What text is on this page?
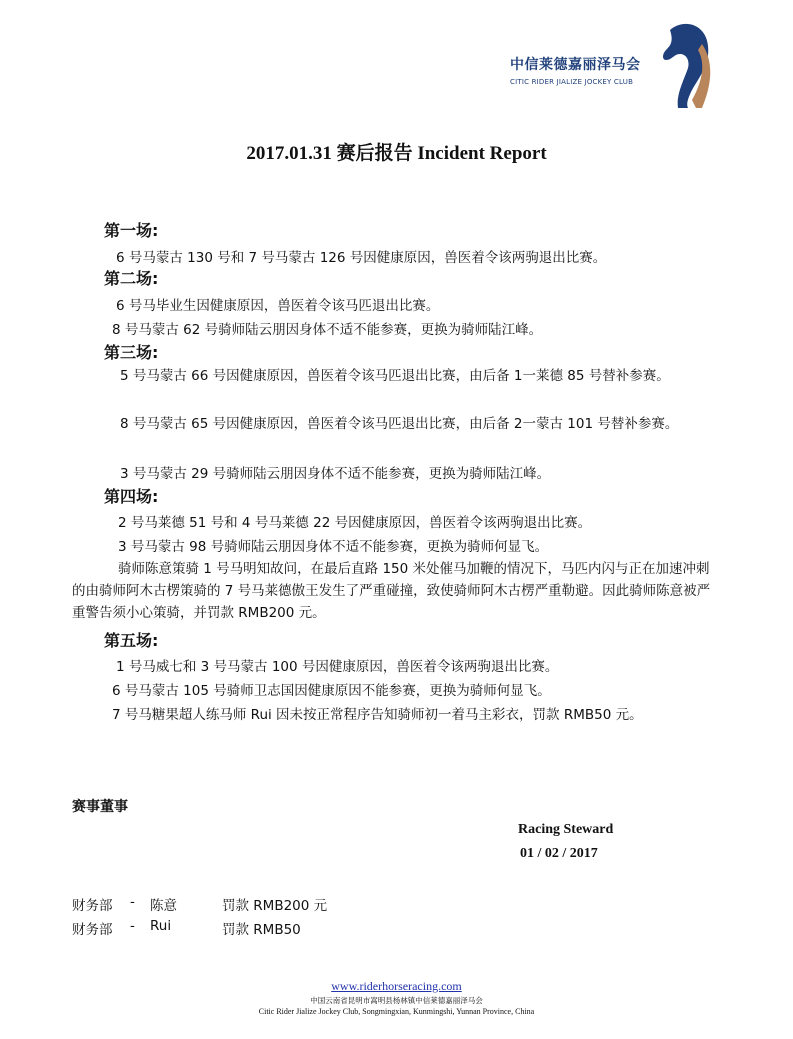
中信莱德嘉丽泽马会
CITIC RIDER JIALIZE JOCKEY CLUB
2017.01.31 赛后报告 Incident Report
第一场:
6 号马蒙古 130 号和 7 号马蒙古 126 号因健康原因，兽医着令该两驹退出比赛。
第二场:
6 号马毕业生因健康原因，兽医着令该马匹退出比赛。
8 号马蒙古 62 号骑师陆云朋因身体不适不能参赛，更换为骑师陆江峰。
第三场:
5 号马蒙古 66 号因健康原因，兽医着令该马匹退出比赛，由后备 1一莱德 85 号替补参赛。
8 号马蒙古 65 号因健康原因，兽医着令该马匹退出比赛，由后备 2一蒙古 101 号替补参赛。
3 号马蒙古 29 号骑师陆云朋因身体不适不能参赛，更换为骑师陆江峰。
第四场:
2 号马莱德 51 号和 4 号马莱德 22 号因健康原因，兽医着令该两驹退出比赛。
3 号马蒙古 98 号骑师陆云朋因身体不适不能参赛，更换为骑师何显飞。
骑师陈意策骑 1 号马明知故问，在最后直路 150 米处催马加鞭的情况下，马匹内闪与正在加速冲刺的由骑师阿木古楞策骑的 7 号马莱德傲王发生了严重碰撞，致使骑师阿木古楞严重勒避。因此骑师陈意被严重警告须小心策骑，并罚款 RMB200 元。
第五场:
1 号马威七和 3 号马蒙古 100 号因健康原因，兽医着令该两驹退出比赛。
6 号马蒙古 105 号骑师卫志国因健康原因不能参赛，更换为骑师何显飞。
7 号马糖果超人练马师 Rui 因未按正常程序告知骑师初一着马主彩衣，罚款 RMB50 元。
赛事董事
Racing Steward
01 / 02 / 2017
财务部 - 陈意	罚款 RMB200 元
财务部 - Rui	罚款 RMB50
www.riderhorseracing.com
中国云南省昆明市嵩明县杨林镇中信莱德嘉丽泽马会
Citic Rider Jializе Jockey Club, Songmingxian, Kunmingshi, Yunnan Province, China
